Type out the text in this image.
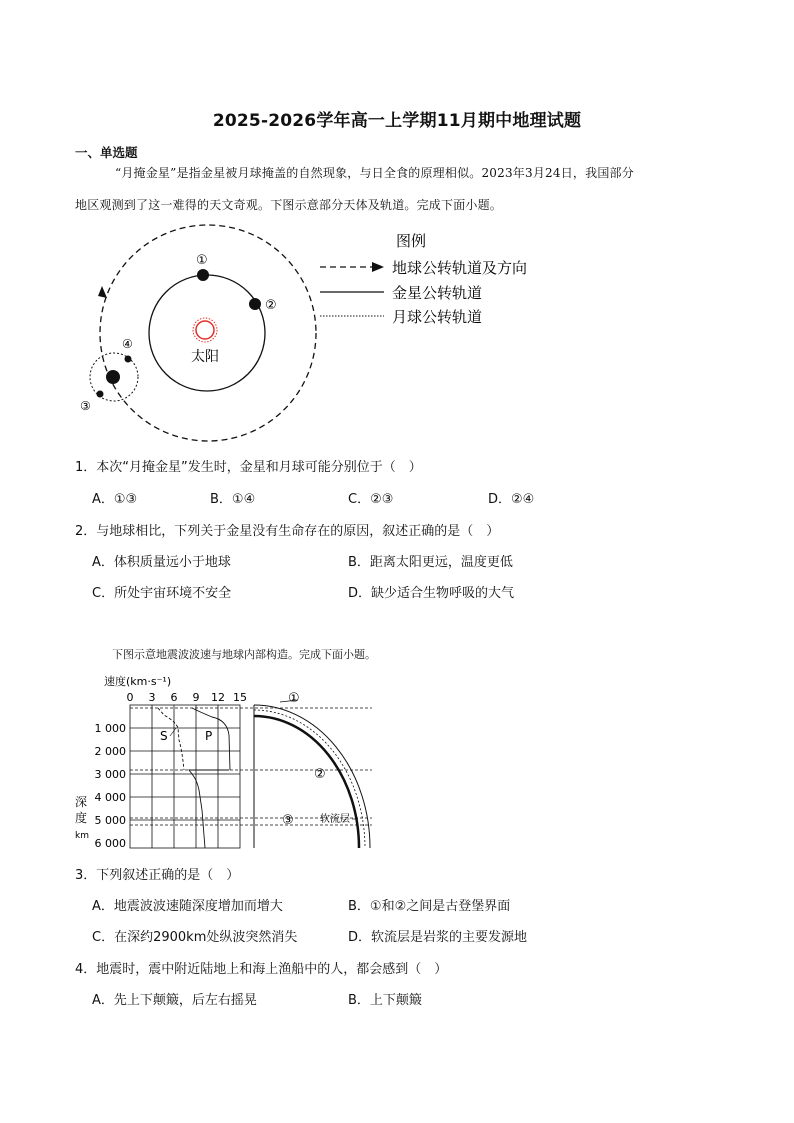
2025-2026学年高一上学期11月期中地理试题
一、单选题
“月掩金星”是指金星被月球掩盖的自然现象，与日全食的原理相似。2023年3月24日，我国部分
地区观测到了这一难得的天文奇观。下图示意部分天体及轨道。完成下面小题。
太阳
①
②
④
③
图例
地球公转轨道及方向
金星公转轨道
月球公转轨道
1．本次“月掩金星”发生时，金星和月球可能分别位于（　）
A．①③	B．①④	C．②③	D．②④
2．与地球相比，下列关于金星没有生命存在的原因，叙述正确的是（　）
A．体积质量远小于地球	B．距离太阳更远，温度更低
C．所处宇宙环境不安全	D．缺少适合生物呼吸的大气
下图示意地震波波速与地球内部构造。完成下面小题。
速度(km·s⁻¹)
0 3 6 9 12 15
1 000
2 000
3 000
4 000
5 000
6 000
深
度
km
S	P
①
②
③	软流层
3．下列叙述正确的是（　）
A．地震波波速随深度增加而增大	B．①和②之间是古登堡界面
C．在深约2900km处纵波突然消失	D．软流层是岩浆的主要发源地
4．地震时，震中附近陆地上和海上渔船中的人，都会感到（　）
A．先上下颠簸，后左右摇晃	B．上下颠簸
